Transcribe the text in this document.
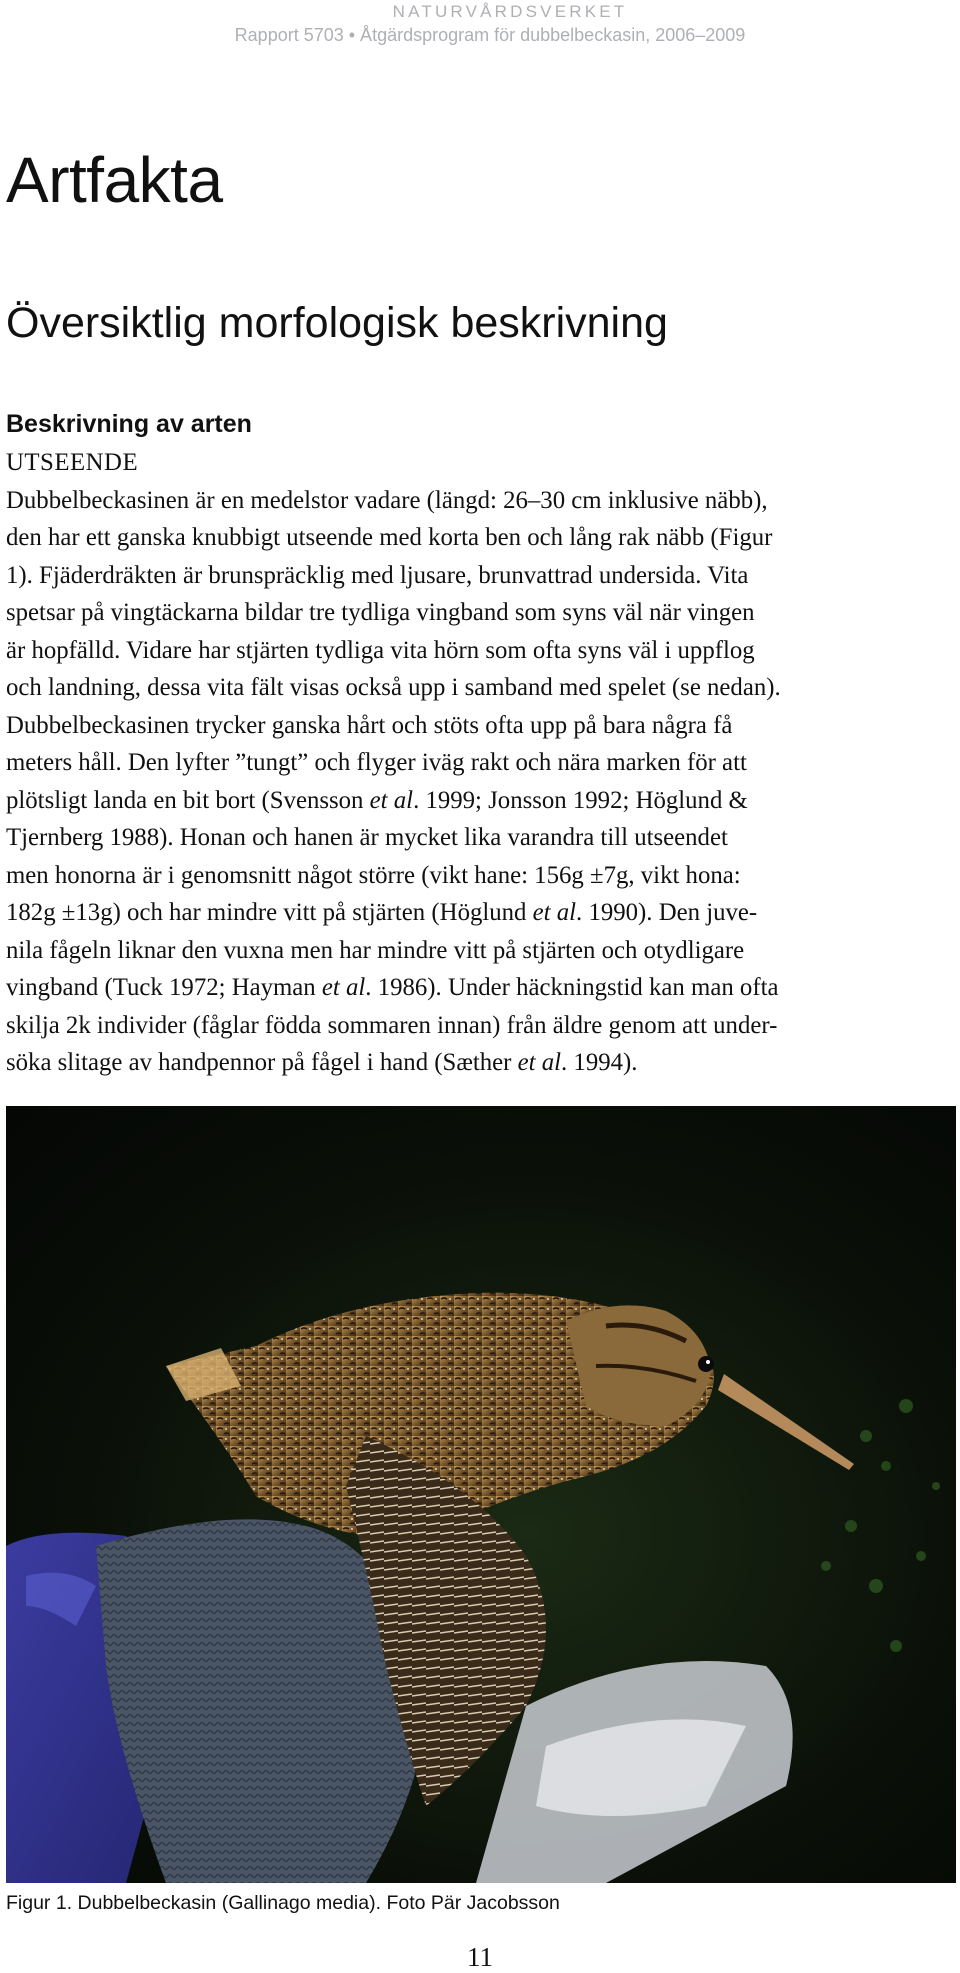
NATURVÅRDSVERKET
Rapport 5703 • Åtgärdsprogram för dubbelbeckasin, 2006–2009
Artfakta
Översiktlig morfologisk beskrivning
Beskrivning av arten
UTSEENDE
Dubbelbeckasinen är en medelstor vadare (längd: 26–30 cm inklusive näbb),
den har ett ganska knubbigt utseende med korta ben och lång rak näbb (Figur
1). Fjäderdräkten är brunspräcklig med ljusare, brunvattrad undersida. Vita
spetsar på vingtäckarna bildar tre tydliga vingband som syns väl när vingen
är hopfälld. Vidare har stjärten tydliga vita hörn som ofta syns väl i uppflog
och landning, dessa vita fält visas också upp i samband med spelet (se nedan).
Dubbelbeckasinen trycker ganska hårt och stöts ofta upp på bara några få
meters håll. Den lyfter ”tungt” och flyger iväg rakt och nära marken för att
plötsligt landa en bit bort (Svensson et al. 1999; Jonsson 1992; Höglund &
Tjernberg 1988). Honan och hanen är mycket lika varandra till utseendet
men honorna är i genomsnitt något större (vikt hane: 156g ±7g, vikt hona:
182g ±13g) och har mindre vitt på stjärten (Höglund et al. 1990). Den juve-
nila fågeln liknar den vuxna men har mindre vitt på stjärten och otydligare
vingband (Tuck 1972; Hayman et al. 1986). Under häckningstid kan man ofta
skilja 2k individer (fåglar födda sommaren innan) från äldre genom att under-
söka slitage av handpennor på fågel i hand (Sæther et al. 1994).
Figur 1. Dubbelbeckasin (Gallinago media). Foto Pär Jacobsson
11
